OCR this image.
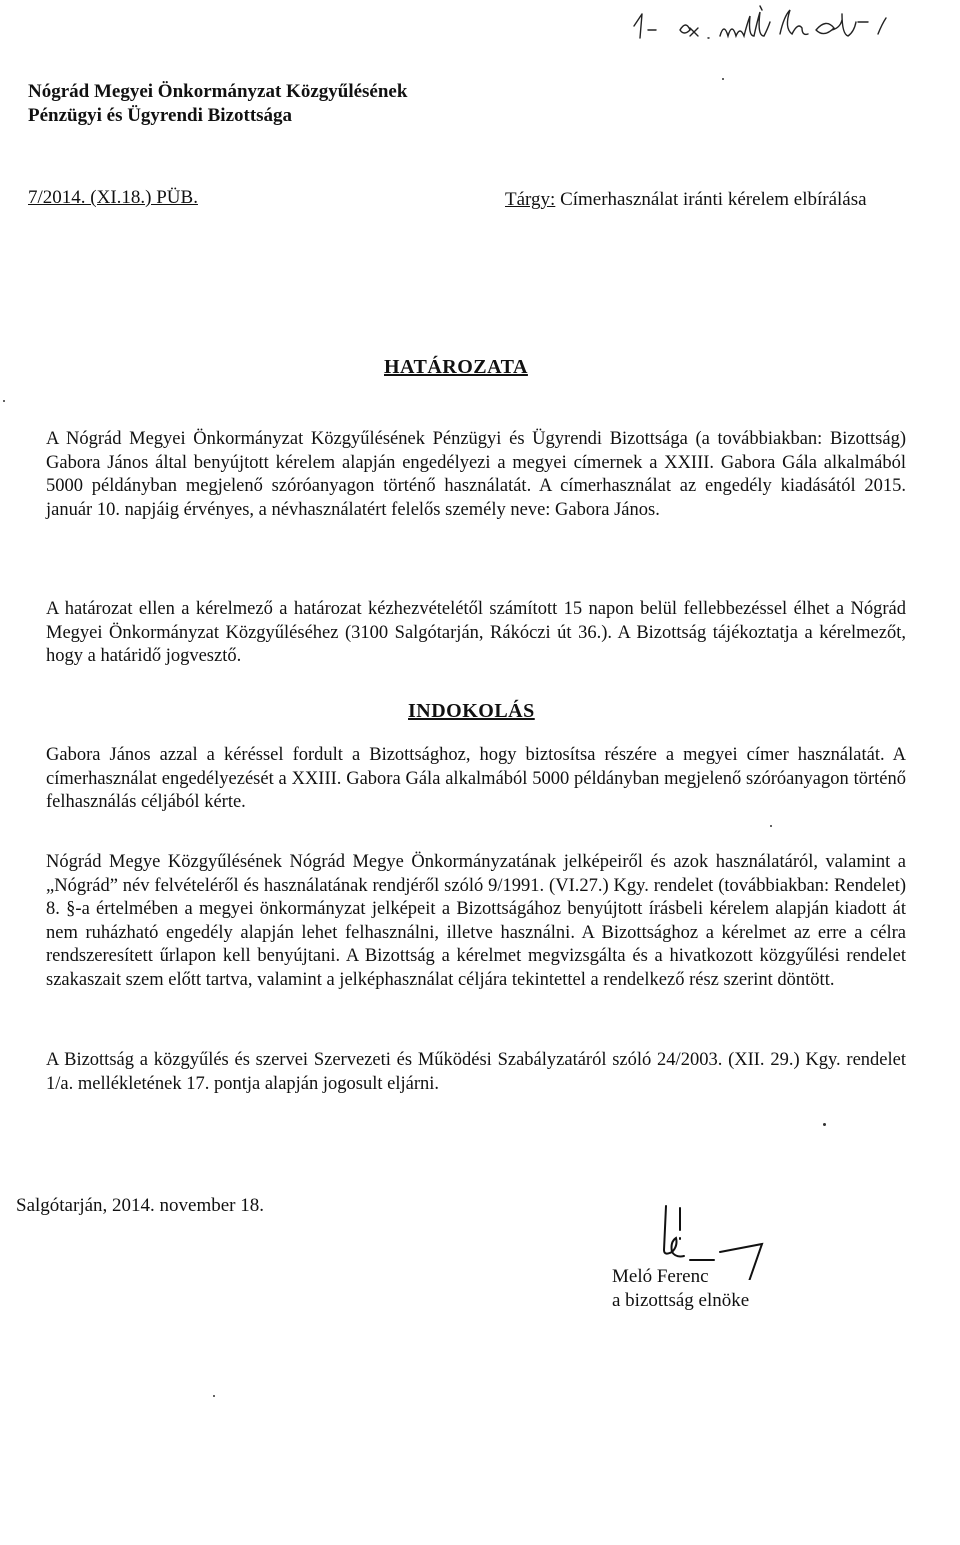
Nógrád Megyei Önkormányzat Közgyűlésének
Pénzügyi és Ügyrendi Bizottsága
7/2014. (XI.18.) PÜB.	Tárgy: Címerhasználat iránti kérelem elbírálása
HATÁROZATA
A Nógrád Megyei Önkormányzat Közgyűlésének Pénzügyi és Ügyrendi Bizottsága (a továbbiakban: Bizottság) Gabora János által benyújtott kérelem alapján engedélyezi a megyei címernek a XXIII. Gabora Gála alkalmából 5000 példányban megjelenő szóróanyagon történő használatát. A címerhasználat az engedély kiadásától 2015. január 10. napjáig érvényes, a névhasználatért felelős személy neve: Gabora János.
A határozat ellen a kérelmező a határozat kézhezvételétől számított 15 napon belül fellebbezéssel élhet a Nógrád Megyei Önkormányzat Közgyűléséhez (3100 Salgótarján, Rákóczi út 36.). A Bizottság tájékoztatja a kérelmezőt, hogy a határidő jogvesztő.
INDOKOLÁS
Gabora János azzal a kéréssel fordult a Bizottsághoz, hogy biztosítsa részére a megyei címer használatát. A címerhasználat engedélyezését a XXIII. Gabora Gála alkalmából 5000 példányban megjelenő szóróanyagon történő felhasználás céljából kérte.
Nógrád Megye Közgyűlésének Nógrád Megye Önkormányzatának jelképeiről és azok használatáról, valamint a „Nógrád” név felvételéről és használatának rendjéről szóló 9/1991. (VI.27.) Kgy. rendelet (továbbiakban: Rendelet) 8. §-a értelmében a megyei önkormányzat jelképeit a Bizottságához benyújtott írásbeli kérelem alapján kiadott át nem ruházható engedély alapján lehet felhasználni, illetve használni. A Bizottsághoz a kérelmet az erre a célra rendszeresített űrlapon kell benyújtani. A Bizottság a kérelmet megvizsgálta és a hivatkozott közgyűlési rendelet szakaszait szem előtt tartva, valamint a jelképhasználat céljára tekintettel a rendelkező rész szerint döntött.
A Bizottság a közgyűlés és szervei Szervezeti és Működési Szabályzatáról szóló 24/2003. (XII. 29.) Kgy. rendelet 1/a. mellékletének 17. pontja alapján jogosult eljárni.
Salgótarján, 2014. november 18.
Meló Ferenc
a bizottság elnöke
